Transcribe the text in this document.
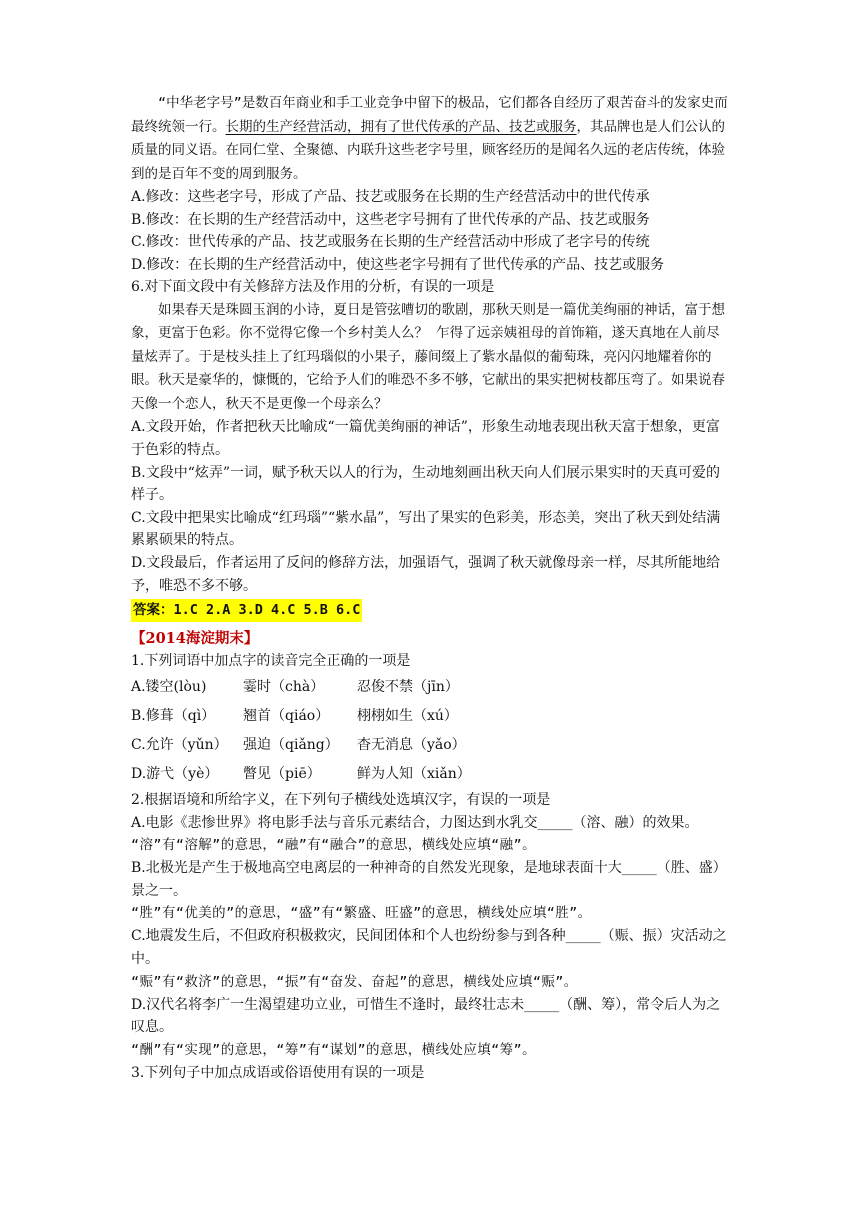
“中华老字号”是数百年商业和手工业竞争中留下的极品，它们都各自经历了艰苦奋斗的发家史而最终统领一行。长期的生产经营活动，拥有了世代传承的产品、技艺或服务，其品牌也是人们公认的质量的同义语。在同仁堂、全聚德、内联升这些老字号里，顾客经历的是闻名久远的老店传统，体验到的是百年不变的周到服务。

A.修改：这些老字号，形成了产品、技艺或服务在长期的生产经营活动中的世代传承

B.修改：在长期的生产经营活动中，这些老字号拥有了世代传承的产品、技艺或服务

C.修改：世代传承的产品、技艺或服务在长期的生产经营活动中形成了老字号的传统

D.修改：在长期的生产经营活动中，使这些老字号拥有了世代传承的产品、技艺或服务

6.对下面文段中有关修辞方法及作用的分析，有误的一项是

如果春天是珠圆玉润的小诗，夏日是管弦嘈切的歌剧，那秋天则是一篇优美绚丽的神话，富于想象，更富于色彩。你不觉得它像一个乡村美人么？ 乍得了远亲姨祖母的首饰箱，遂天真地在人前尽量炫弄了。于是枝头挂上了红玛瑙似的小果子，藤间缀上了紫水晶似的葡萄珠，亮闪闪地耀着你的眼。秋天是豪华的，慷慨的，它给予人们的唯恐不多不够，它献出的果实把树枝都压弯了。如果说春天像一个恋人，秋天不是更像一个母亲么？

A.文段开始，作者把秋天比喻成“一篇优美绚丽的神话”，形象生动地表现出秋天富于想象，更富于色彩的特点。

B.文段中“炫弄”一词，赋予秋天以人的行为，生动地刻画出秋天向人们展示果实时的天真可爱的样子。

C.文段中把果实比喻成“红玛瑙”“紫水晶”，写出了果实的色彩美，形态美，突出了秋天到处结满累累硕果的特点。

D.文段最后，作者运用了反问的修辞方法，加强语气，强调了秋天就像母亲一样，尽其所能地给予，唯恐不多不够。

答案：1.C 2.A 3.D 4.C 5.B 6.C

【2014海淀期末】

1.下列词语中加点字的读音完全正确的一项是

A.镂空(lòu)	霎时（chà）	忍俊不禁（jīn）
B.修葺（qì）	翘首（qiáo）	栩栩如生（xú）
C.允许（yǔn）	强迫（qiǎng）	杳无消息（yǎo）
D.游弋（yè）	瞥见（piē）	鲜为人知（xiǎn）

2.根据语境和所给字义，在下列句子横线处选填汉字，有误的一项是

A.电影《悲惨世界》将电影手法与音乐元素结合，力图达到水乳交_____（溶、融）的效果。

“溶”有“溶解”的意思，“融”有“融合”的意思，横线处应填“融”。

B.北极光是产生于极地高空电离层的一种神奇的自然发光现象，是地球表面十大_____（胜、盛）景之一。

“胜”有“优美的”的意思，“盛”有“繁盛、旺盛”的意思，横线处应填“胜”。

C.地震发生后，不但政府积极救灾，民间团体和个人也纷纷参与到各种_____（赈、振）灾活动之中。

“赈”有“救济”的意思，“振”有“奋发、奋起”的意思，横线处应填“赈”。

D.汉代名将李广一生渴望建功立业，可惜生不逢时，最终壮志未_____（酬、筹），常令后人为之叹息。

“酬”有“实现”的意思，“筹”有“谋划”的意思，横线处应填“筹”。

3.下列句子中加点成语或俗语使用有误的一项是
